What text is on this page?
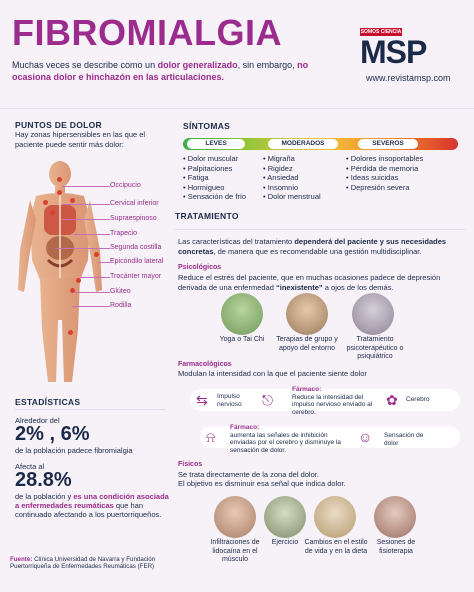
FIBROMIALGIA
Muchas veces se describe como un dolor generalizado, sin embargo, no ocasiona dolor e hinchazón en las articulaciones.
SOMOS CIENCIA
MSP
www.revistamsp.com
PUNTOS DE DOLOR
Hay zonas hipersensibles en las que el paciente puede sentir más dolor:
Occipucio
Cervical inferior
Supraespinoso
Trapecio
Segunda costilla
Epicóndilo lateral
Trocánter mayor
Glúteo
Rodilla
SÍNTOMAS
LEVES	MODERADOS	SEVEROS
• Dolor muscular
• Palpitaciones
• Fatiga
• Hormigueo
• Sensación de frío
• Migraña
• Rigidez
• Ansiedad
• Insomnio
• Dolor menstrual
• Dolores insoportables
• Pérdida de memoria
• Ideas suicidas
• Depresión severa
TRATAMIENTO
Las características del tratamiento dependerá del paciente y sus necesidades concretas, de manera que es recomendable una gestión multidisciplinar.
Psicológicos
Reduce el estrés del paciente, que en muchas ocasiones padece de depresión derivada de una enfermedad “inexistente” a ojos de los demás.
Yoga o Tai Chi	Terapias de grupo y apoyo del entorno
Tratamiento psicoterapéutico o psiquiátrico
Farmacológicos
Modulan la intensidad con la que el paciente siente dolor
⇆ Impulso nervioso	⎋
Fármaco:
Reduce la intensidad del impulso nervioso enviado al cerebro.
✿ Cerebro
⍾
Fármaco:
aumenta las señales de inhibición enviadas por el cerebro y disminuye la sensación de dolor.
☺ Sensación de dolor
Físicos
Se trata directamente de la zona del dolor.
El objetivo es disminuir esa señal que indica dolor.
Infiltraciones de lidocaína en el músculo
Ejercicio Cambios en el estilo de vida y en la dieta
Sesiones de fisioterapia
ESTADÍSTICAS
Alrededor del
2% , 6%
de la población padece fibromialgia
Afecta al
28.8%
de la población y es una condición asociada a enfermedades reumáticas que han continuado afectando a los puertorriqueños.
Fuente: Clínica Universidad de Navarra y Fundación Puertorriqueña de Enfermedades Reumáticas (FER)
